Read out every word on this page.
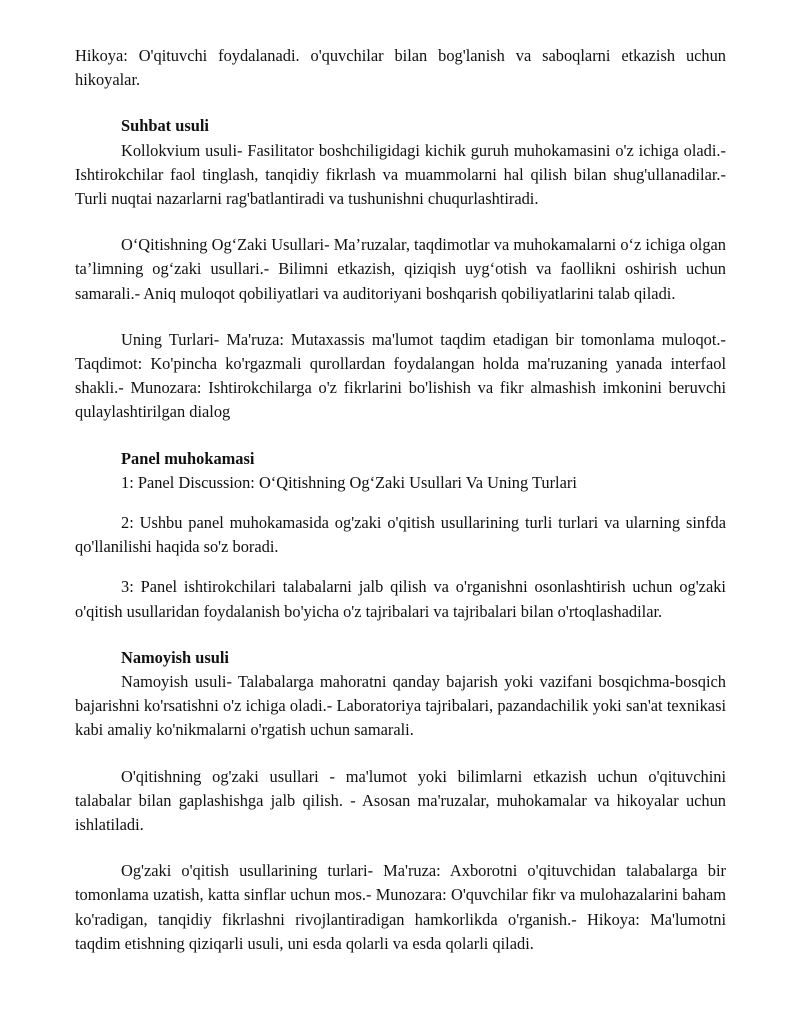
Hikoya: O'qituvchi foydalanadi. o'quvchilar bilan bog'lanish va saboqlarni etkazish uchun hikoyalar.

Suhbat usuli

Kollokvium usuli- Fasilitator boshchiligidagi kichik guruh muhokamasini o'z ichiga oladi.- Ishtirokchilar faol tinglash, tanqidiy fikrlash va muammolarni hal qilish bilan shug'ullanadilar.- Turli nuqtai nazarlarni rag'batlantiradi va tushunishni chuqurlashtiradi.

O‘Qitishning Og‘Zaki Usullari- Ma’ruzalar, taqdimotlar va muhokamalarni o‘z ichiga olgan ta’limning og‘zaki usullari.- Bilimni etkazish, qiziqish uyg‘otish va faollikni oshirish uchun samarali.- Aniq muloqot qobiliyatlari va auditoriyani boshqarish qobiliyatlarini talab qiladi.

Uning Turlari- Ma'ruza: Mutaxassis ma'lumot taqdim etadigan bir tomonlama muloqot.- Taqdimot: Ko'pincha ko'rgazmali qurollardan foydalangan holda ma'ruzaning yanada interfaol shakli.- Munozara: Ishtirokchilarga o'z fikrlarini bo'lishish va fikr almashish imkonini beruvchi qulaylashtirilgan dialog

Panel muhokamasi

1: Panel Discussion: O‘Qitishning Og‘Zaki Usullari Va Uning Turlari

2: Ushbu panel muhokamasida og'zaki o'qitish usullarining turli turlari va ularning sinfda qo'llanilishi haqida so'z boradi.

3: Panel ishtirokchilari talabalarni jalb qilish va o'rganishni osonlashtirish uchun og'zaki o'qitish usullaridan foydalanish bo'yicha o'z tajribalari va tajribalari bilan o'rtoqlashadilar.

Namoyish usuli

Namoyish usuli- Talabalarga mahoratni qanday bajarish yoki vazifani bosqichma-bosqich bajarishni ko'rsatishni o'z ichiga oladi.- Laboratoriya tajribalari, pazandachilik yoki san'at texnikasi kabi amaliy ko'nikmalarni o'rgatish uchun samarali.

O'qitishning og'zaki usullari - ma'lumot yoki bilimlarni etkazish uchun o'qituvchini talabalar bilan gaplashishga jalb qilish. - Asosan ma'ruzalar, muhokamalar va hikoyalar uchun ishlatiladi.

Og'zaki o'qitish usullarining turlari- Ma'ruza: Axborotni o'qituvchidan talabalarga bir tomonlama uzatish, katta sinflar uchun mos.- Munozara: O'quvchilar fikr va mulohazalarini baham ko'radigan, tanqidiy fikrlashni rivojlantiradigan hamkorlikda o'rganish.- Hikoya: Ma'lumotni taqdim etishning qiziqarli usuli, uni esda qolarli va esda qolarli qiladi.
